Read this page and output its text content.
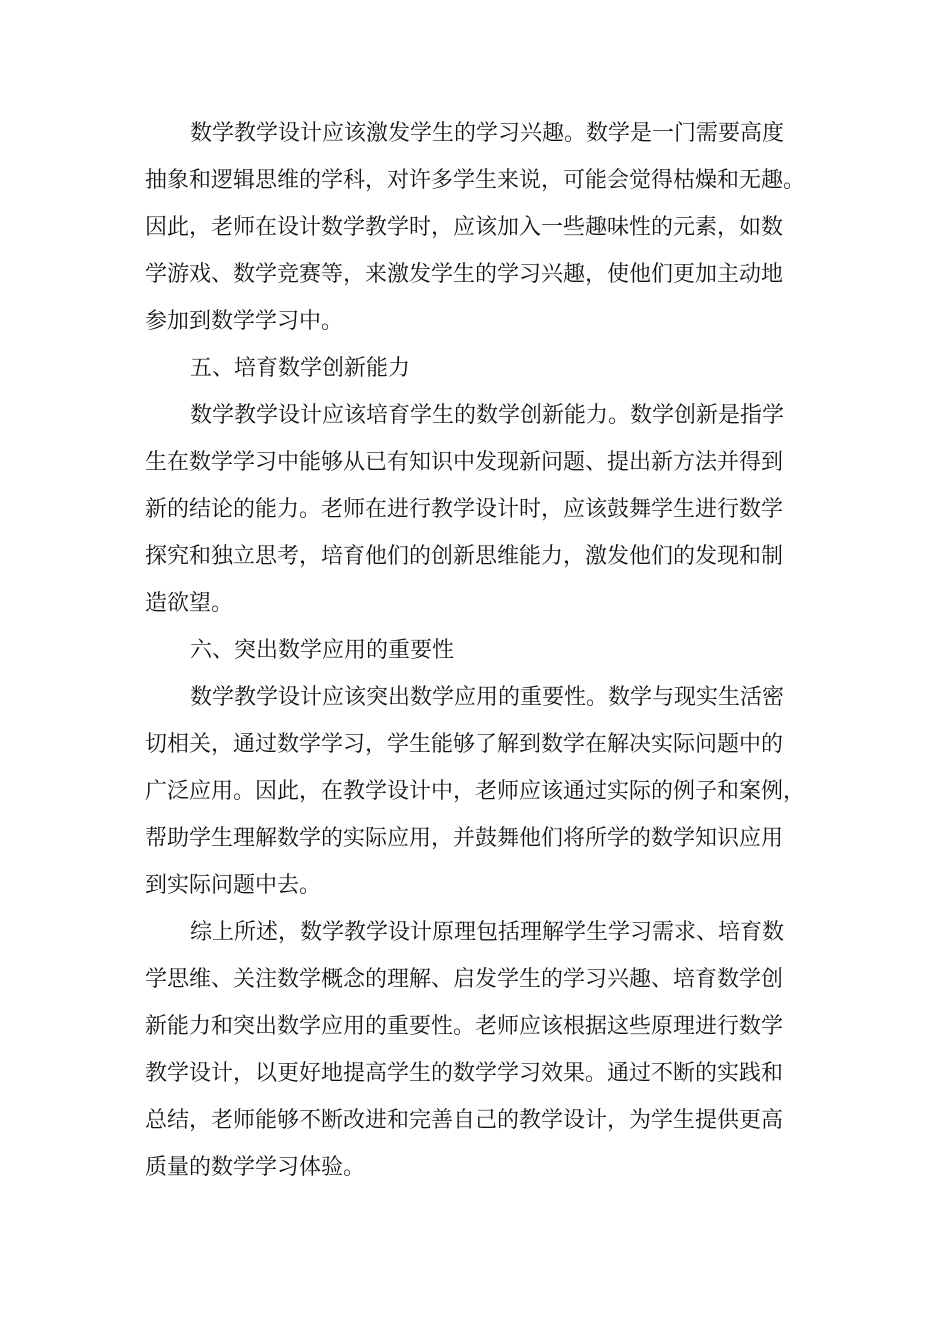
数学教学设计应该激发学生的学习兴趣。数学是一门需要高度
抽象和逻辑思维的学科，对许多学生来说，可能会觉得枯燥和无趣。
因此，老师在设计数学教学时，应该加入一些趣味性的元素，如数
学游戏、数学竞赛等，来激发学生的学习兴趣，使他们更加主动地
参加到数学学习中。
五、培育数学创新能力
数学教学设计应该培育学生的数学创新能力。数学创新是指学
生在数学学习中能够从已有知识中发现新问题、提出新方法并得到
新的结论的能力。老师在进行教学设计时，应该鼓舞学生进行数学
探究和独立思考，培育他们的创新思维能力，激发他们的发现和制
造欲望。
六、突出数学应用的重要性
数学教学设计应该突出数学应用的重要性。数学与现实生活密
切相关，通过数学学习，学生能够了解到数学在解决实际问题中的
广泛应用。因此，在教学设计中，老师应该通过实际的例子和案例，
帮助学生理解数学的实际应用，并鼓舞他们将所学的数学知识应用
到实际问题中去。
综上所述，数学教学设计原理包括理解学生学习需求、培育数
学思维、关注数学概念的理解、启发学生的学习兴趣、培育数学创
新能力和突出数学应用的重要性。老师应该根据这些原理进行数学
教学设计，以更好地提高学生的数学学习效果。通过不断的实践和
总结，老师能够不断改进和完善自己的教学设计，为学生提供更高
质量的数学学习体验。
